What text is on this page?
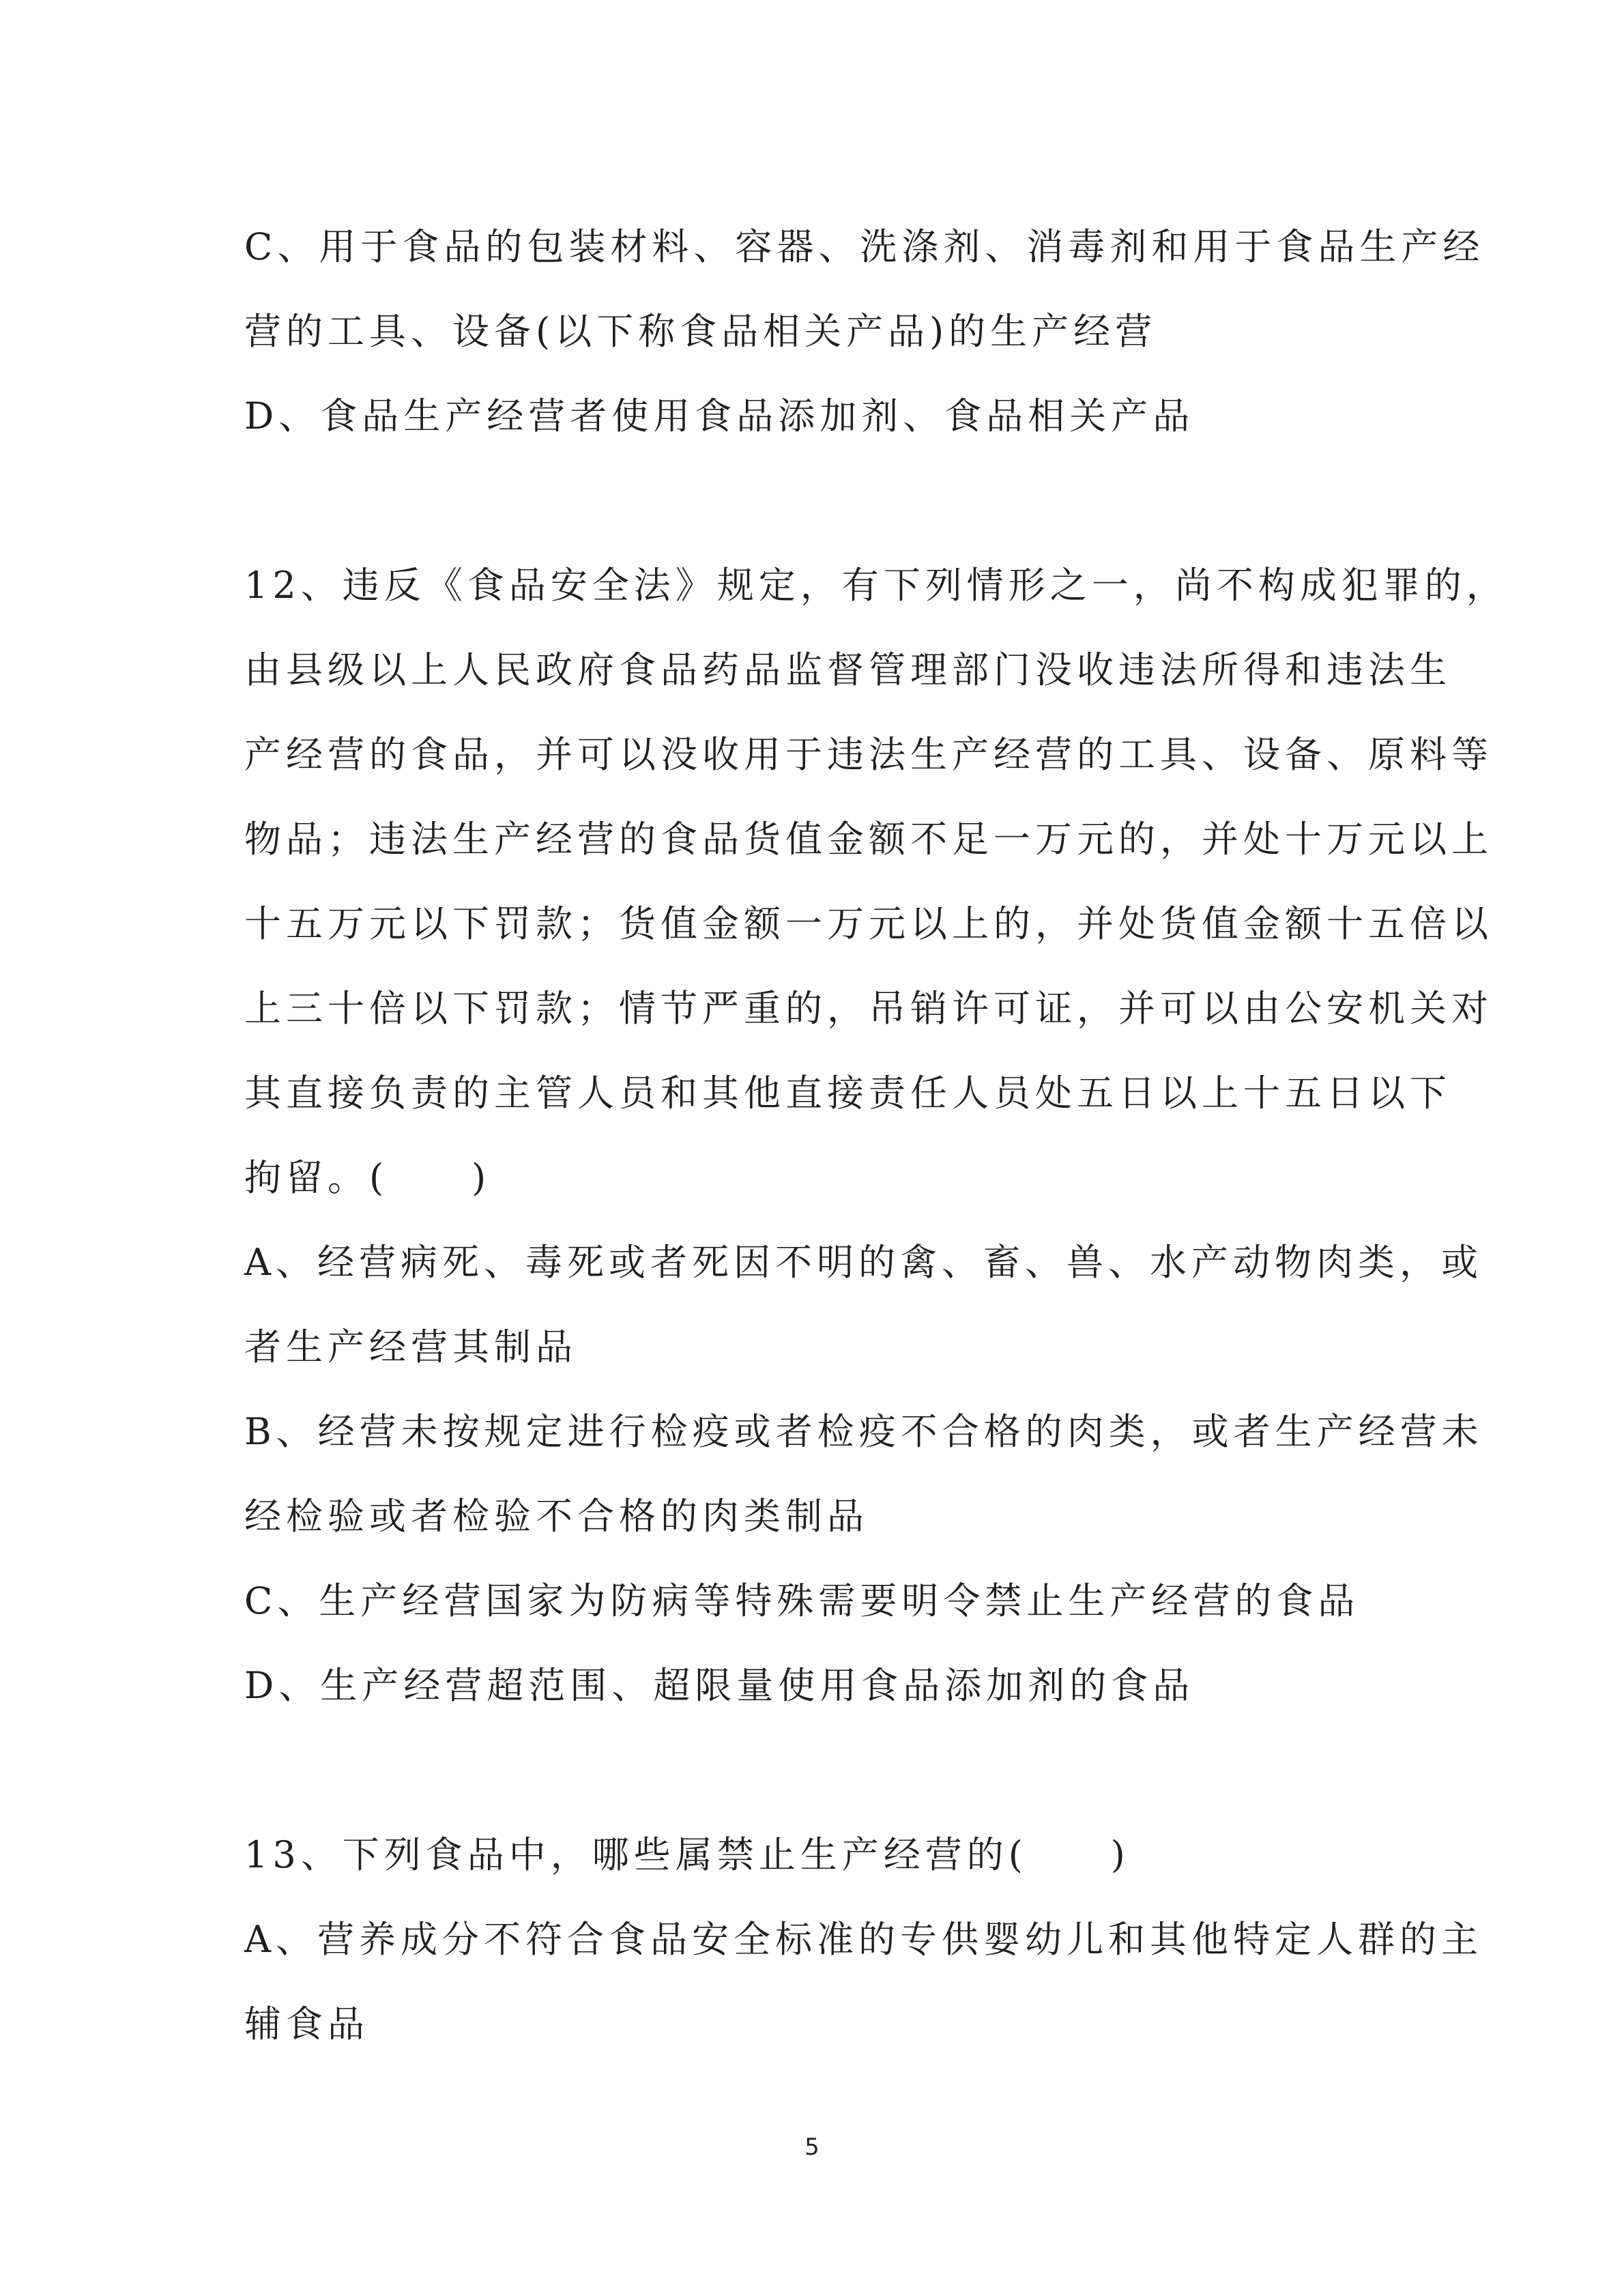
C、用于食品的包装材料、容器、洗涤剂、消毒剂和用于食品生产经
营的工具、设备(以下称食品相关产品)的生产经营
D、食品生产经营者使用食品添加剂、食品相关产品
12、违反《食品安全法》规定，有下列情形之一，尚不构成犯罪的，
由县级以上人民政府食品药品监督管理部门没收违法所得和违法生
产经营的食品，并可以没收用于违法生产经营的工具、设备、原料等
物品；违法生产经营的食品货值金额不足一万元的，并处十万元以上
十五万元以下罚款；货值金额一万元以上的，并处货值金额十五倍以
上三十倍以下罚款；情节严重的，吊销许可证，并可以由公安机关对
其直接负责的主管人员和其他直接责任人员处五日以上十五日以下
拘留。(　　)
A、经营病死、毒死或者死因不明的禽、畜、兽、水产动物肉类，或
者生产经营其制品
B、经营未按规定进行检疫或者检疫不合格的肉类，或者生产经营未
经检验或者检验不合格的肉类制品
C、生产经营国家为防病等特殊需要明令禁止生产经营的食品
D、生产经营超范围、超限量使用食品添加剂的食品
13、下列食品中，哪些属禁止生产经营的(　　)
A、营养成分不符合食品安全标准的专供婴幼儿和其他特定人群的主
辅食品
5
